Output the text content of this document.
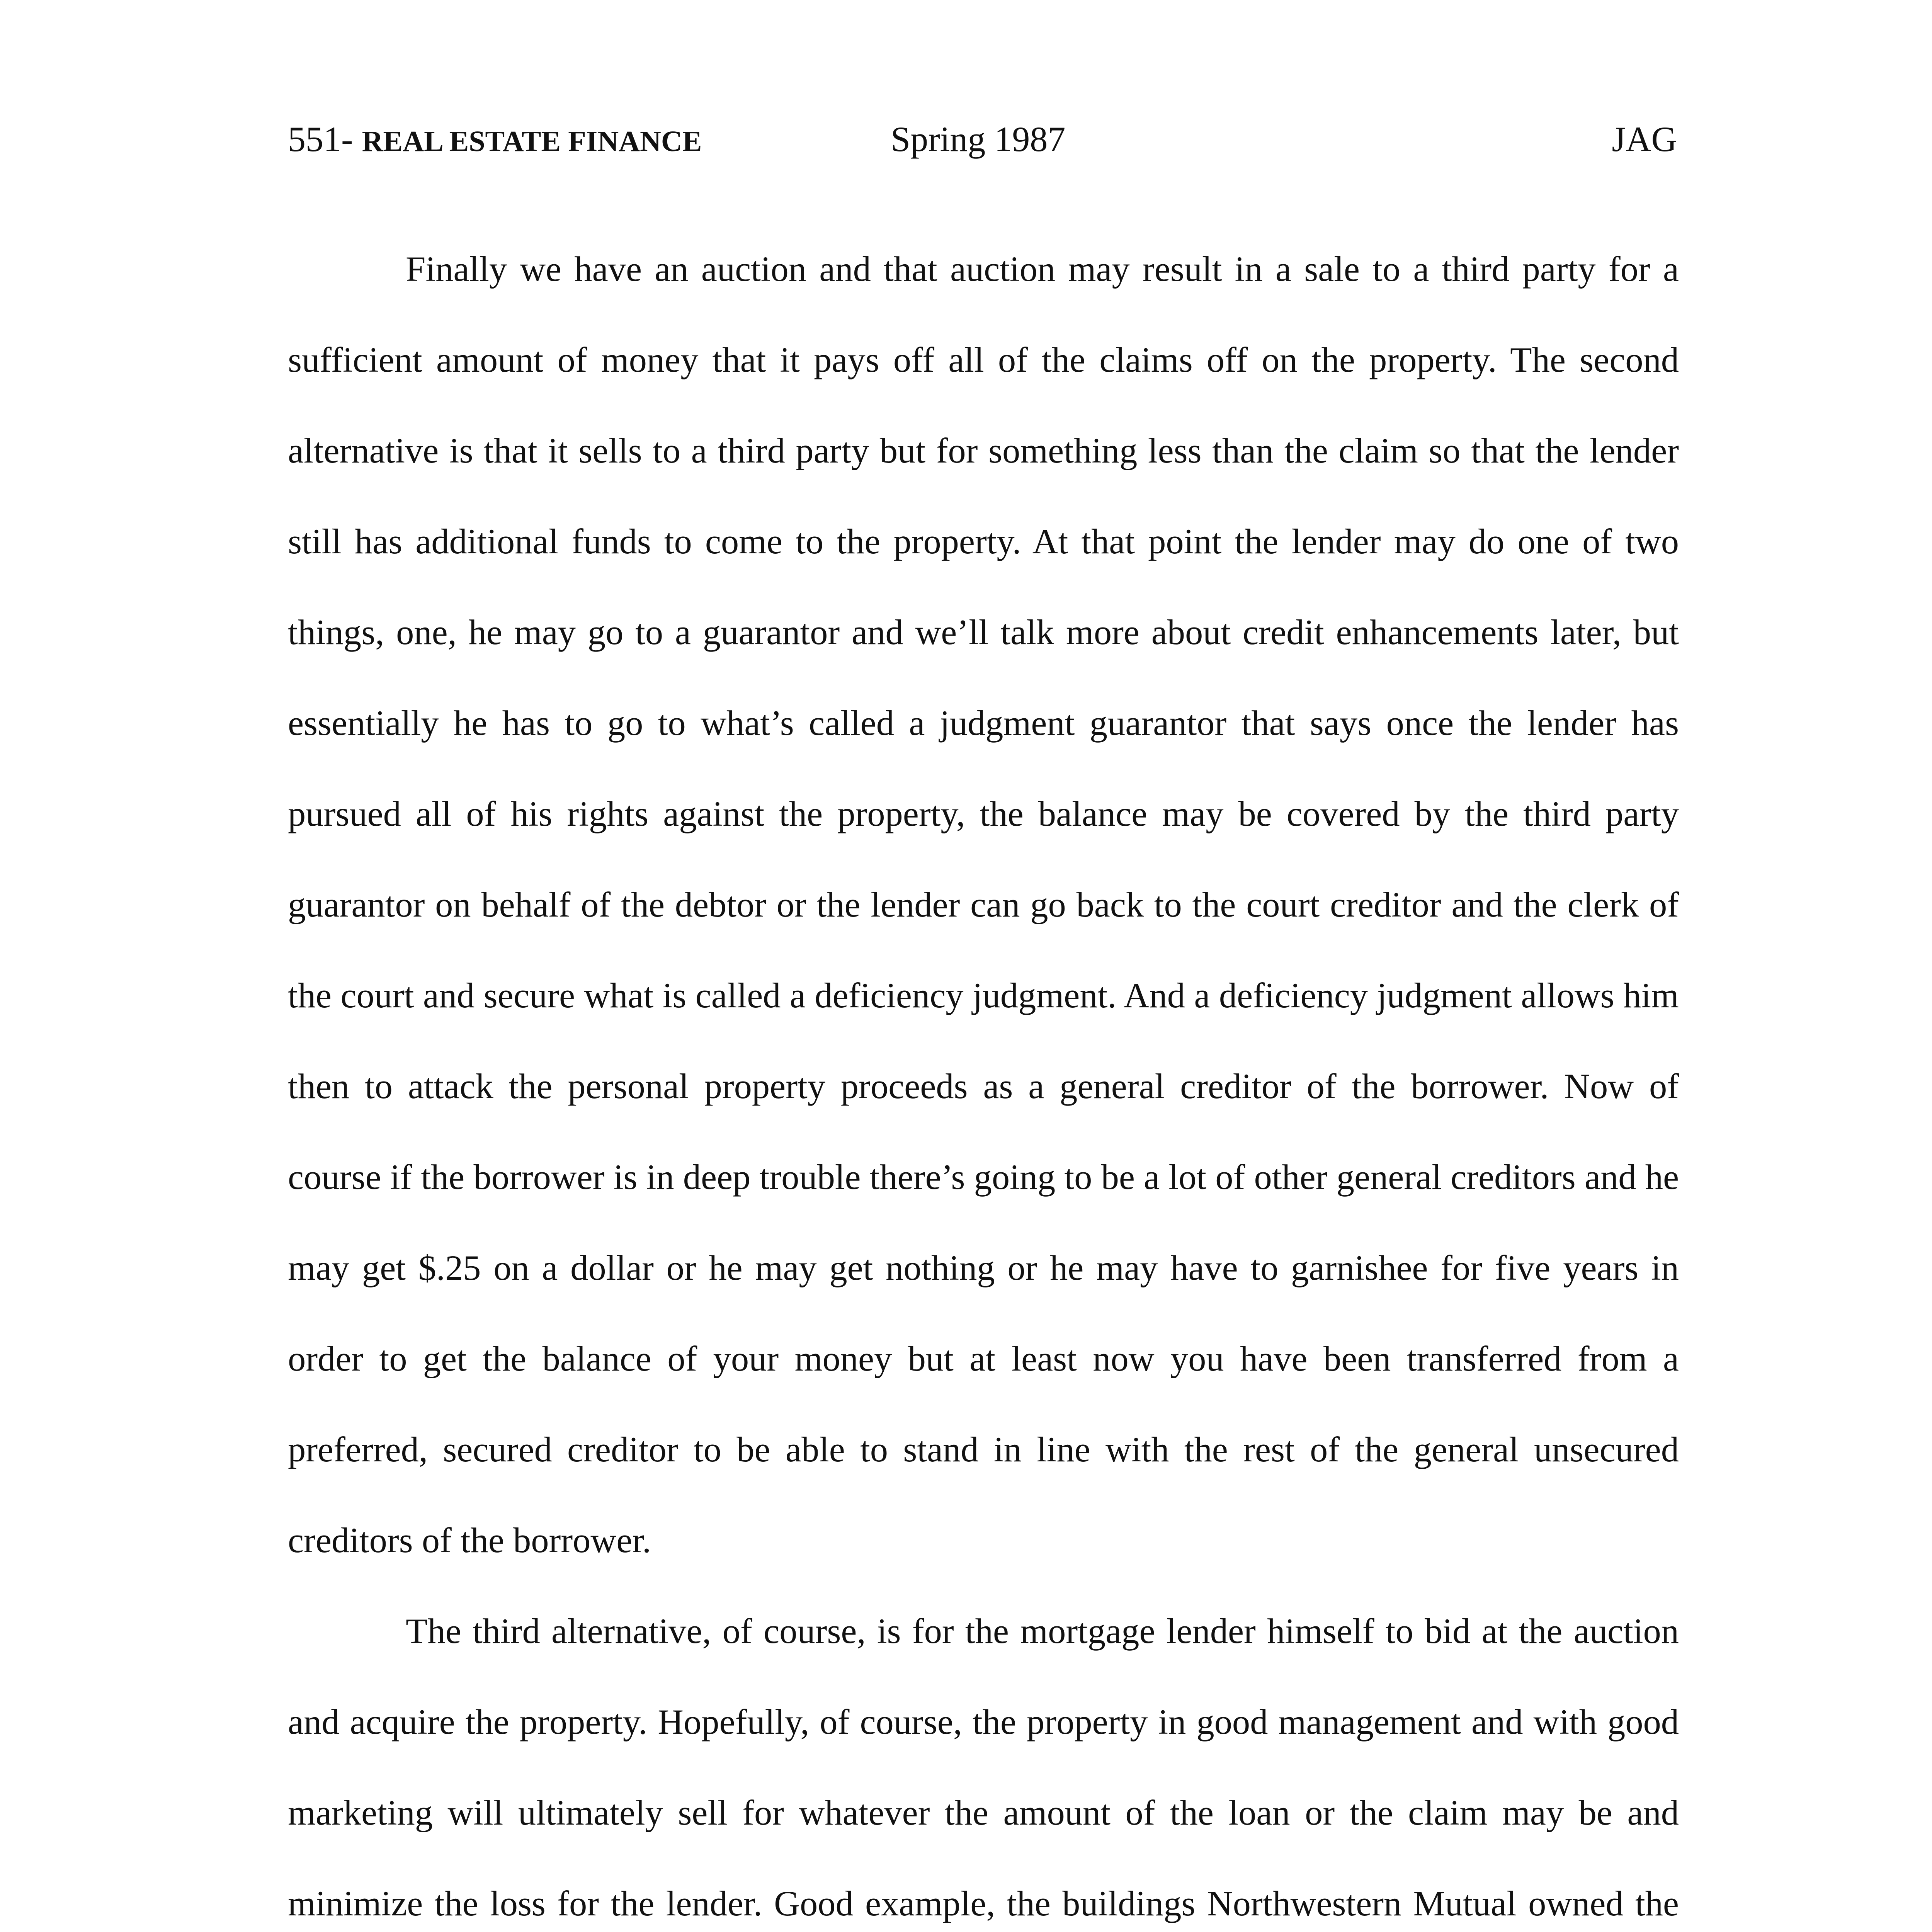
551- REAL ESTATE FINANCE	Spring 1987	JAG

Finally we have an auction and that auction may result in a sale to a third party for a sufficient amount of money that it pays off all of the claims off on the property. The second alternative is that it sells to a third party but for something less than the claim so that the lender still has additional funds to come to the property. At that point the lender may do one of two things, one, he may go to a guarantor and we’ll talk more about credit enhancements later, but essentially he has to go to what’s called a judgment guarantor that says once the lender has pursued all of his rights against the property, the balance may be covered by the third party guarantor on behalf of the debtor or the lender can go back to the court creditor and the clerk of the court and secure what is called a deficiency judgment. And a deficiency judgment allows him then to attack the personal property proceeds as a general creditor of the borrower. Now of course if the borrower is in deep trouble there’s going to be a lot of other general creditors and he may get $.25 on a dollar or he may get nothing or he may have to garnishee for five years in order to get the balance of your money but at least now you have been transferred from a preferred, secured creditor to be able to stand in line with the rest of the general unsecured creditors of the borrower.

The third alternative, of course, is for the mortgage lender himself to bid at the auction and acquire the property. Hopefully, of course, the property in good management and with good marketing will ultimately sell for whatever the amount of the loan or the claim may be and minimize the loss for the lender. Good example, the buildings Northwestern Mutual owned the
